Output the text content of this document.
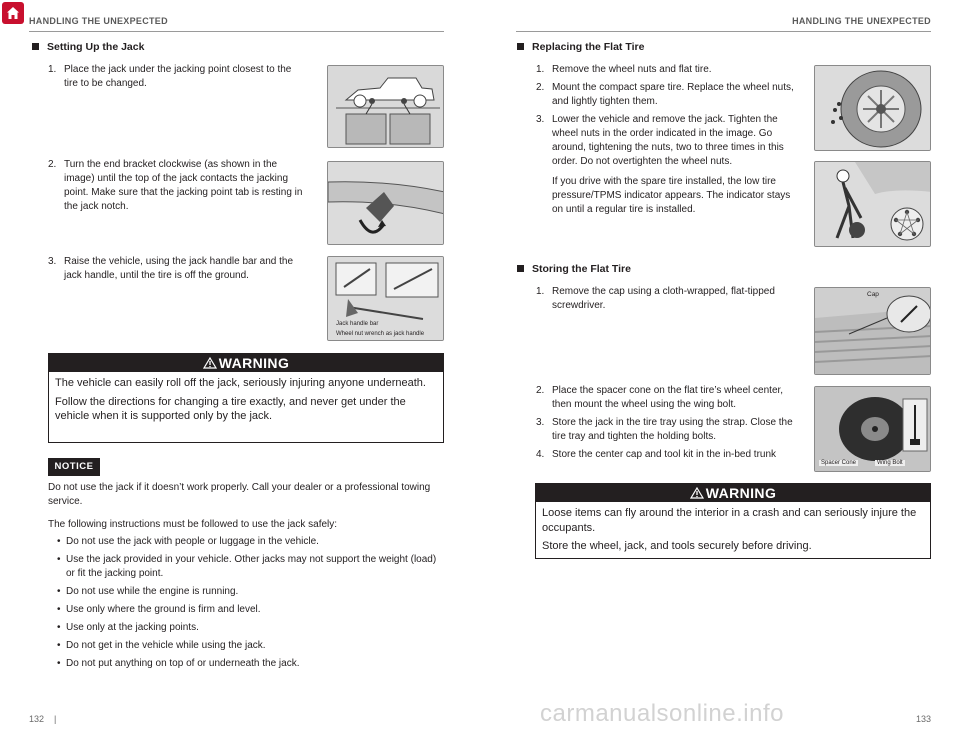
HANDLING THE UNEXPECTED	HANDLING THE UNEXPECTED
Setting Up the Jack
1. Place the jack under the jacking point closest to the tire to be changed.
2. Turn the end bracket clockwise (as shown in the image) until the top of the jack contacts the jacking point. Make sure that the jacking point tab is resting in the jack notch.
3. Raise the vehicle, using the jack handle bar and the jack handle, until the tire is off the ground.
Jack handle bar
Wheel nut wrench as jack handle
WARNING
The vehicle can easily roll off the jack, seriously injuring anyone underneath.
Follow the directions for changing a tire exactly, and never get under the vehicle when it is supported only by the jack.
NOTICE
Do not use the jack if it doesn’t work properly. Call your dealer or a professional towing service.
The following instructions must be followed to use the jack safely:
• Do not use the jack with people or luggage in the vehicle.
• Use the jack provided in your vehicle. Other jacks may not support the weight (load) or fit the jacking point.
• Do not use while the engine is running.
• Use only where the ground is firm and level.
• Use only at the jacking points.
• Do not get in the vehicle while using the jack.
• Do not put anything on top of or underneath the jack.
132 |
Replacing the Flat Tire
1. Remove the wheel nuts and flat tire.
2. Mount the compact spare tire. Replace the wheel nuts, and lightly tighten them.
3. Lower the vehicle and remove the jack. Tighten the wheel nuts in the order indicated in the image. Go around, tightening the nuts, two to three times in this order. Do not overtighten the wheel nuts.
If you drive with the spare tire installed, the low tire pressure/TPMS indicator appears. The indicator stays on until a regular tire is installed.
Storing the Flat Tire
1. Remove the cap using a cloth-wrapped, flat-tipped screwdriver.
2. Place the spacer cone on the flat tire’s wheel center, then mount the wheel using the wing bolt.
3. Store the jack in the tire tray using the strap. Close the tire tray and tighten the holding bolts.
4. Store the center cap and tool kit in the in-bed trunk
Cap
Spacer Cone	Wing Bolt
WARNING
Loose items can fly around the interior in a crash and can seriously injure the occupants.
Store the wheel, jack, and tools securely before driving.
133
carmanualsonline.info
